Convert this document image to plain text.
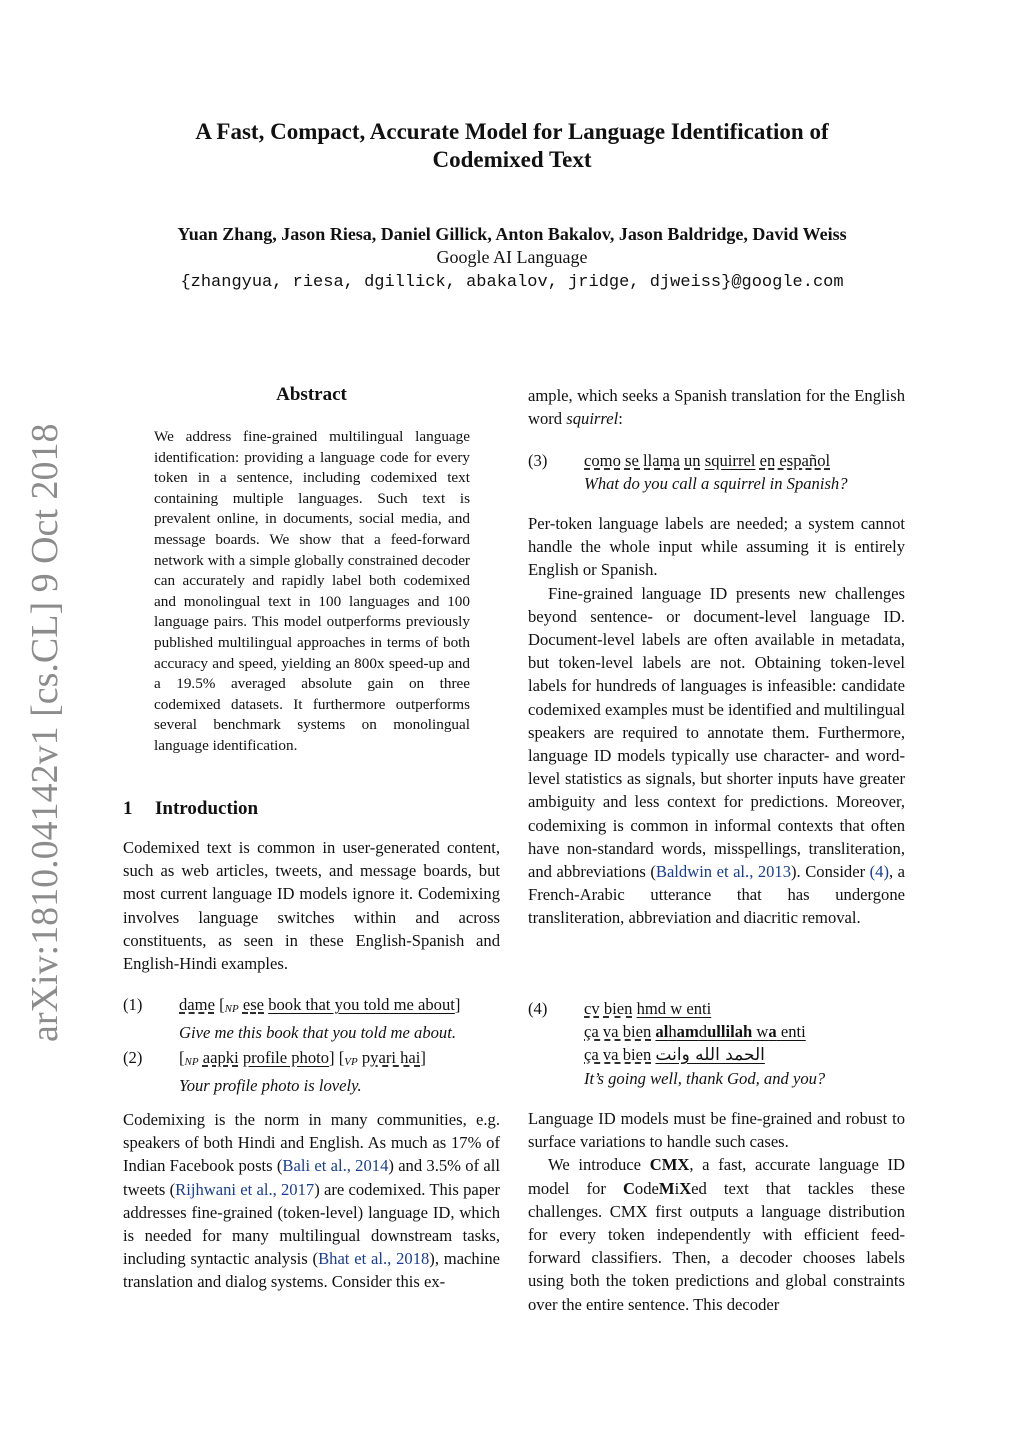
A Fast, Compact, Accurate Model for Language Identification of
Codemixed Text
Yuan Zhang, Jason Riesa, Daniel Gillick, Anton Bakalov, Jason Baldridge, David Weiss
Google AI Language
{zhangyua, riesa, dgillick, abakalov, jridge, djweiss}@google.com
arXiv:1810.04142v1 [cs.CL] 9 Oct 2018
Abstract
We address fine-grained multilingual language identification: providing a language code for every token in a sentence, including codemixed text containing multiple languages. Such text is prevalent online, in documents, social media, and message boards. We show that a feed-forward network with a simple globally constrained decoder can accurately and rapidly label both codemixed and monolingual text in 100 languages and 100 language pairs. This model outperforms previously published multilingual approaches in terms of both accuracy and speed, yielding an 800x speed-up and a 19.5% averaged absolute gain on three codemixed datasets. It furthermore outperforms several benchmark systems on monolingual language identification.
1 Introduction

Codemixed text is common in user-generated content, such as web articles, tweets, and message boards, but most current language ID models ignore it. Codemixing involves language switches within and across constituents, as seen in these English-Spanish and English-Hindi examples.

(1) dame [NP ese book that you told me about]
Give me this book that you told me about.
(2) [NP aapki profile photo] [VP pyari hai]
Your profile photo is lovely.

Codemixing is the norm in many communities, e.g. speakers of both Hindi and English. As much as 17% of Indian Facebook posts (Bali et al., 2014) and 3.5% of all tweets (Rijhwani et al., 2017) are codemixed. This paper addresses fine-grained (token-level) language ID, which is needed for many multilingual downstream tasks, including syntactic analysis (Bhat et al., 2018), machine translation and dialog systems. Consider this ex-

ample, which seeks a Spanish translation for the English word squirrel:

(3) como se llama un squirrel en español
What do you call a squirrel in Spanish?

Per-token language labels are needed; a system cannot handle the whole input while assuming it is entirely English or Spanish.

Fine-grained language ID presents new challenges beyond sentence- or document-level language ID. Document-level labels are often available in metadata, but token-level labels are not. Obtaining token-level labels for hundreds of languages is infeasible: candidate codemixed examples must be identified and multilingual speakers are required to annotate them. Furthermore, language ID models typically use character- and word-level statistics as signals, but shorter inputs have greater ambiguity and less context for predictions. Moreover, codemixing is common in informal contexts that often have non-standard words, misspellings, transliteration, and abbreviations (Baldwin et al., 2013). Consider (4), a French-Arabic utterance that has undergone transliteration, abbreviation and diacritic removal.

(4) cv bien hmd w enti
ça va bien alhamdullilah wa enti
ça va bien الحمد الله وانت
It’s going well, thank God, and you?

Language ID models must be fine-grained and robust to surface variations to handle such cases.

We introduce CMX, a fast, accurate language ID model for CodeMiXed text that tackles these challenges. CMX first outputs a language distribution for every token independently with efficient feed-forward classifiers. Then, a decoder chooses labels using both the token predictions and global constraints over the entire sentence. This decoder
